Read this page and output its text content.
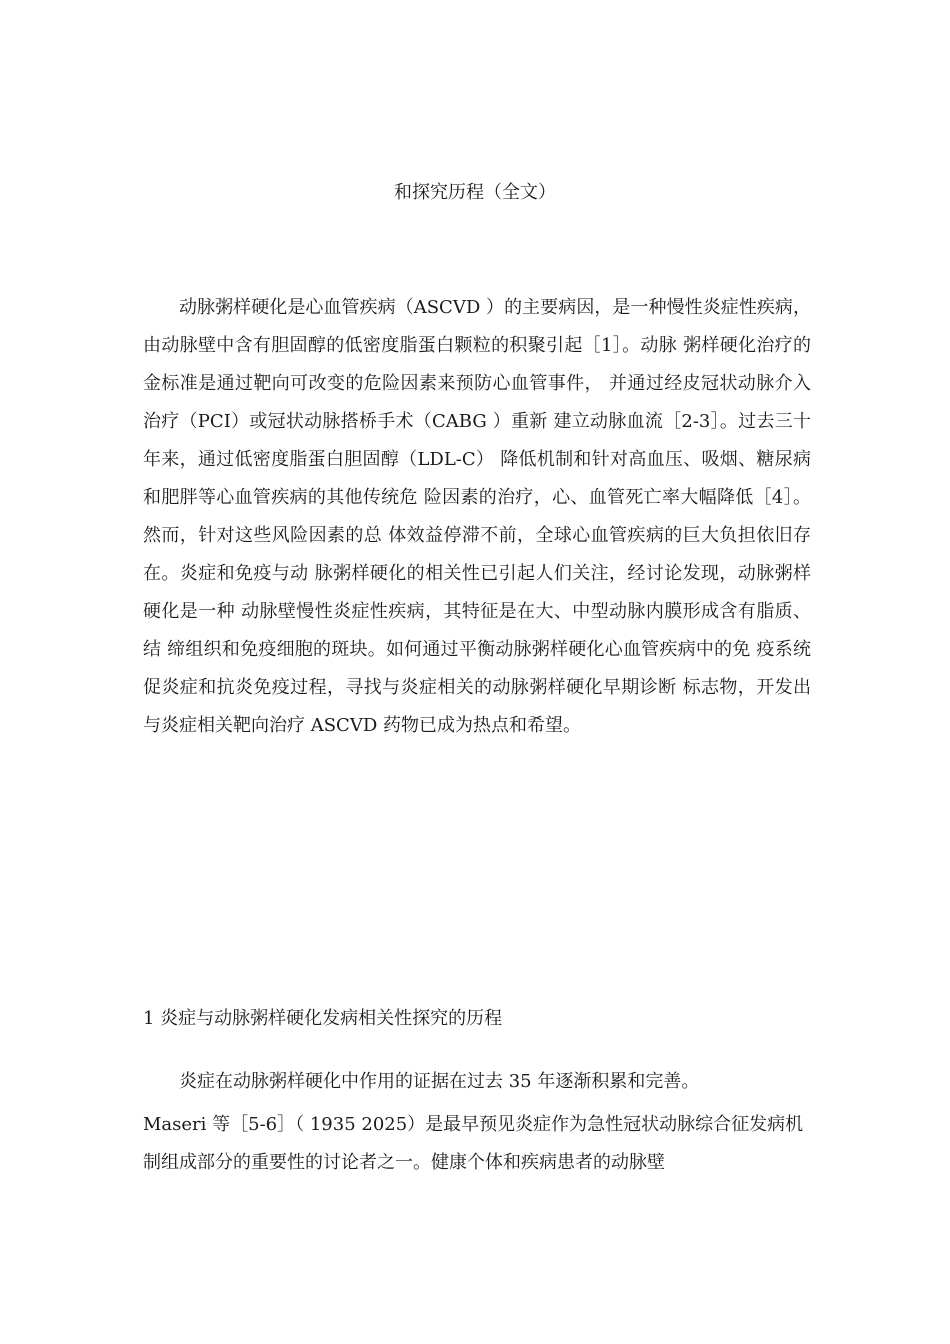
和探究历程（全文）

动脉粥样硬化是心血管疾病（ASCVD ）的主要病因，是一种慢性炎症性疾病，由动脉壁中含有胆固醇的低密度脂蛋白颗粒的积聚引起［1］。动脉 粥样硬化治疗的金标准是通过靶向可改变的危险因素来预防心血管事件， 并通过经皮冠状动脉介入治疗（PCI）或冠状动脉搭桥手术（CABG ）重新 建立动脉血流［2-3］。过去三十年来，通过低密度脂蛋白胆固醇（LDL-C） 降低机制和针对高血压、吸烟、糖尿病和肥胖等心血管疾病的其他传统危 险因素的治疗，心、血管死亡率大幅降低［4］。然而，针对这些风险因素的总 体效益停滞不前，全球心血管疾病的巨大负担依旧存在。炎症和免疫与动 脉粥样硬化的相关性已引起人们关注，经讨论发现，动脉粥样硬化是一种 动脉壁慢性炎症性疾病，其特征是在大、中型动脉内膜形成含有脂质、结 缔组织和免疫细胞的斑块。如何通过平衡动脉粥样硬化心血管疾病中的免 疫系统促炎症和抗炎免疫过程，寻找与炎症相关的动脉粥样硬化早期诊断 标志物，开发出与炎症相关靶向治疗 ASCVD 药物已成为热点和希望。

1 炎症与动脉粥样硬化发病相关性探究的历程

炎症在动脉粥样硬化中作用的证据在过去 35 年逐渐积累和完善。

Maseri 等［5-6］（ 1935 2025）是最早预见炎症作为急性冠状动脉综合征发病机制组成部分的重要性的讨论者之一。健康个体和疾病患者的动脉壁
